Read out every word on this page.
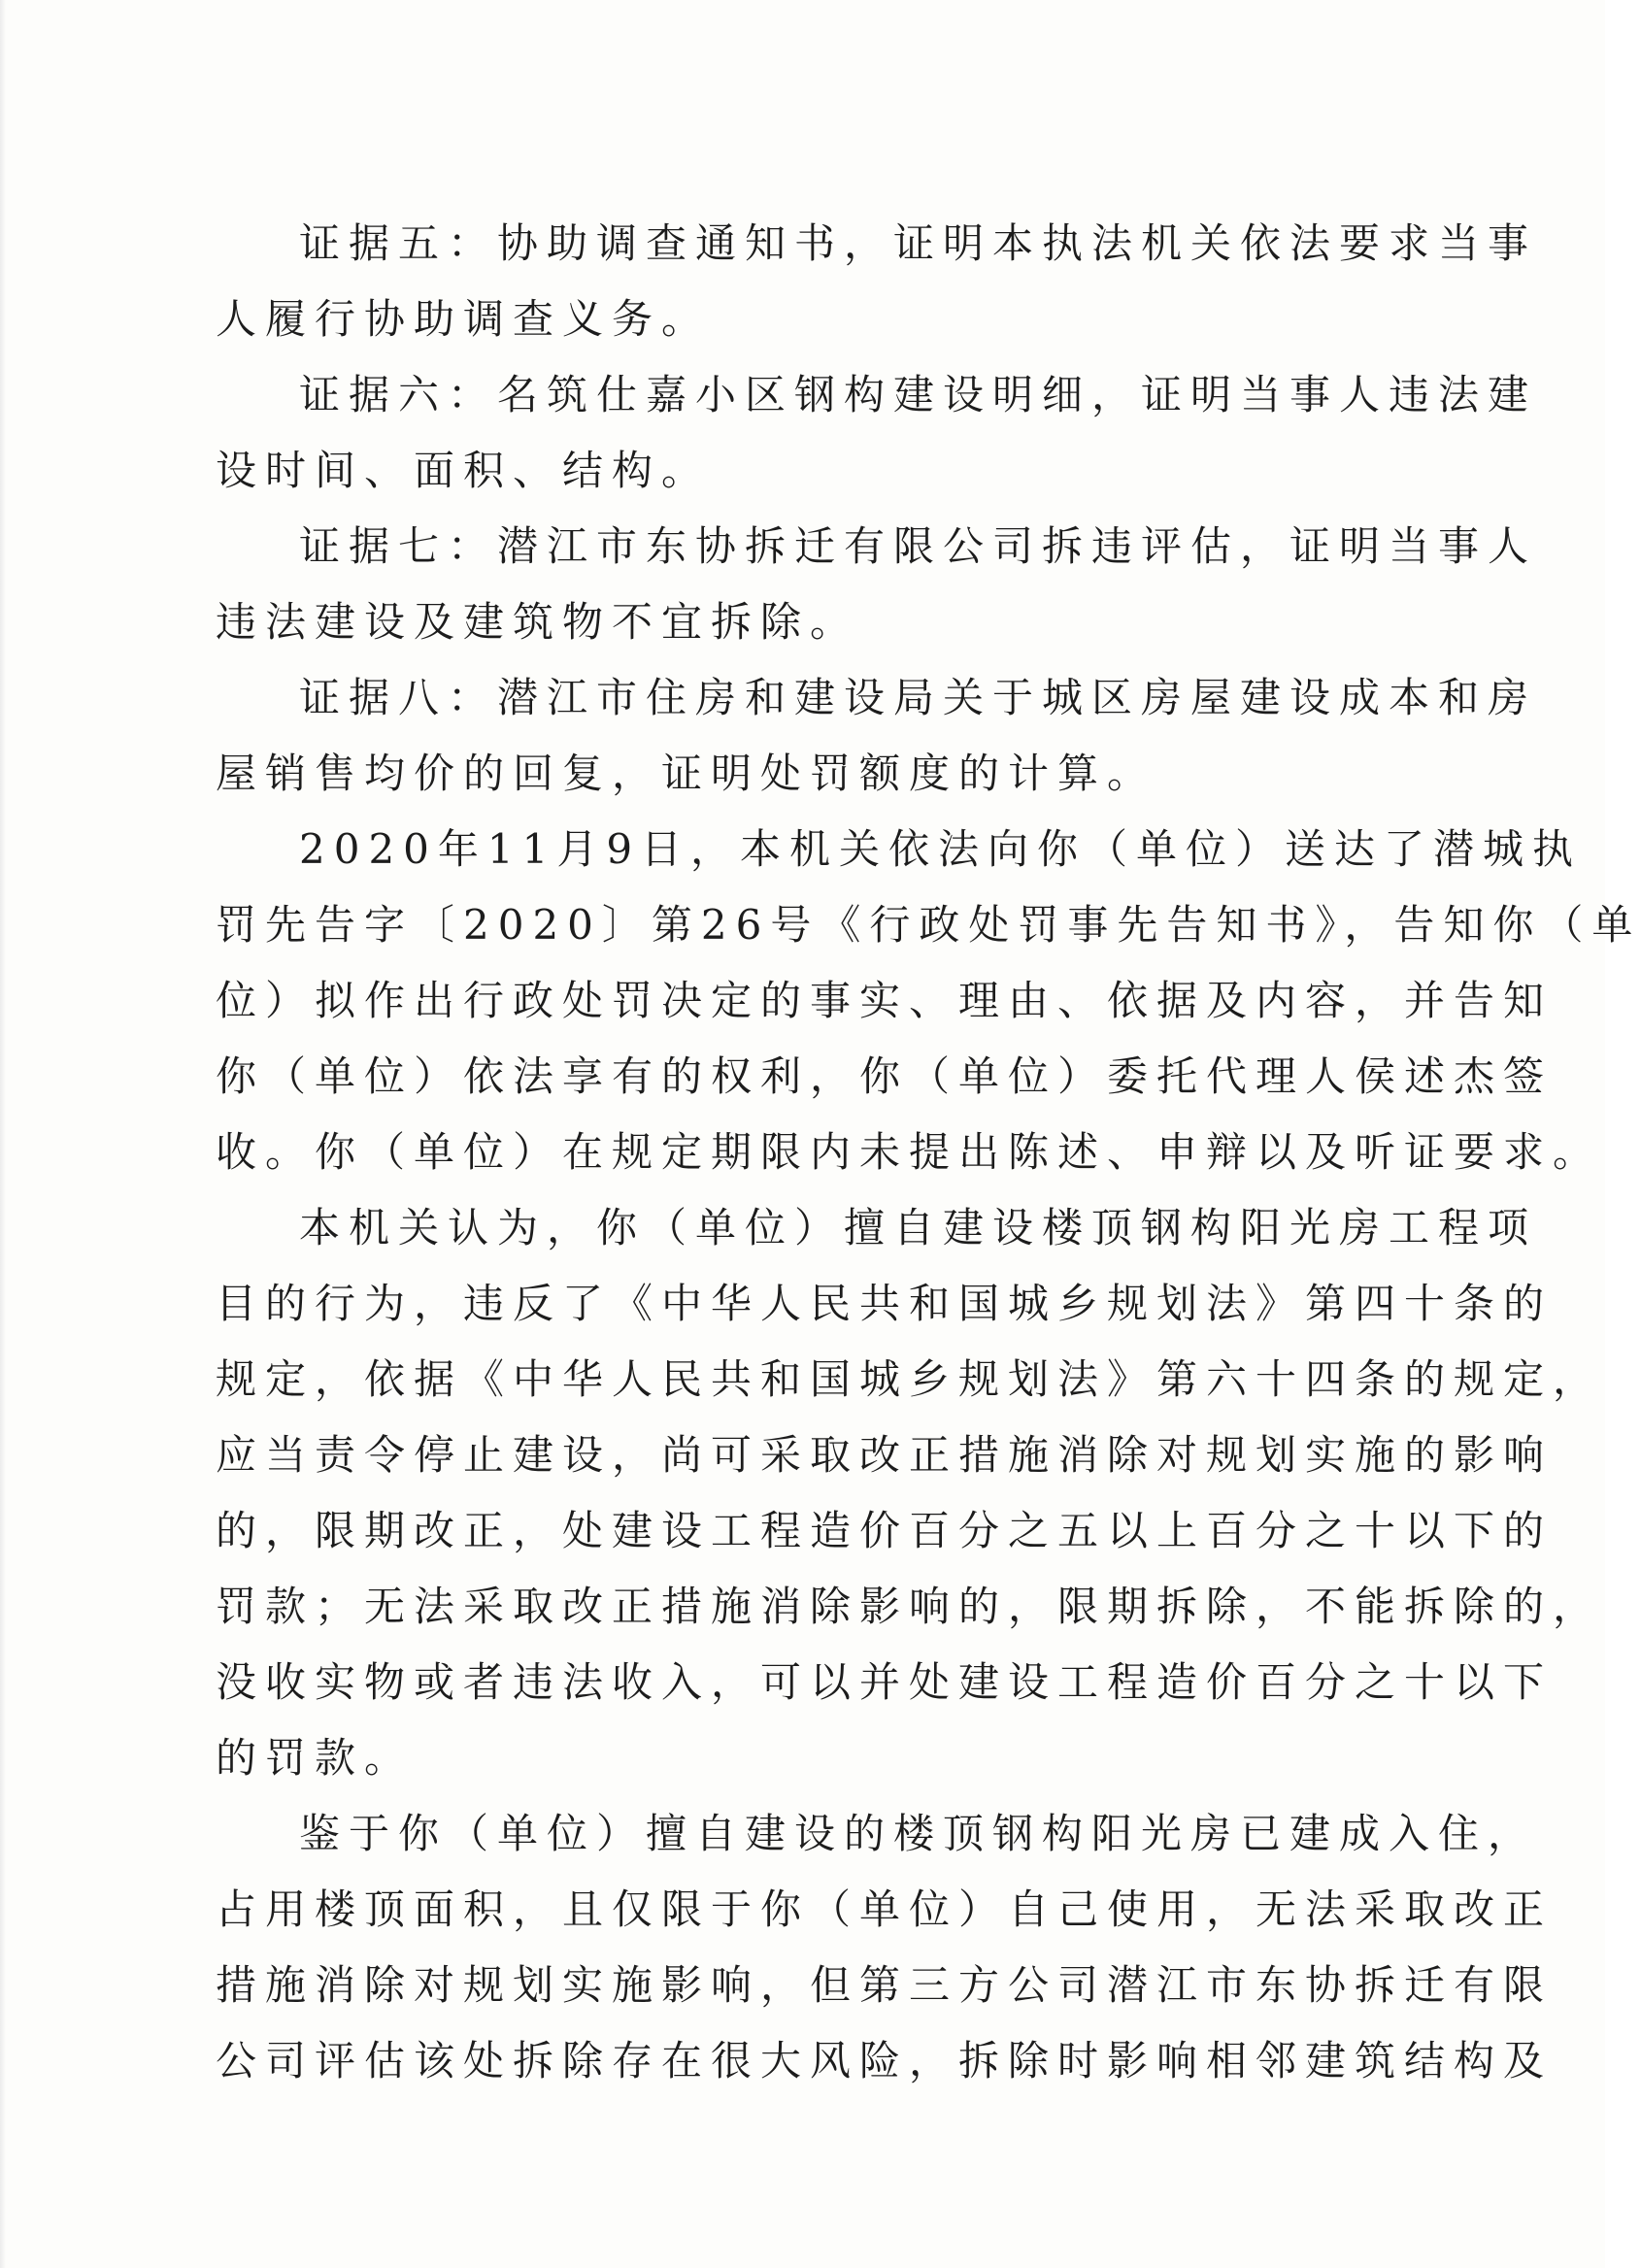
证据五：协助调查通知书，证明本执法机关依法要求当事
人履行协助调查义务。
证据六：名筑仕嘉小区钢构建设明细，证明当事人违法建
设时间、面积、结构。
证据七：潜江市东协拆迁有限公司拆违评估，证明当事人
违法建设及建筑物不宜拆除。
证据八：潜江市住房和建设局关于城区房屋建设成本和房
屋销售均价的回复，证明处罚额度的计算。
2020年11月9日，本机关依法向你（单位）送达了潜城执
罚先告字〔2020〕第26号《行政处罚事先告知书》，告知你（单
位）拟作出行政处罚决定的事实、理由、依据及内容，并告知
你（单位）依法享有的权利，你（单位）委托代理人侯述杰签
收。你（单位）在规定期限内未提出陈述、申辩以及听证要求。
本机关认为，你（单位）擅自建设楼顶钢构阳光房工程项
目的行为，违反了《中华人民共和国城乡规划法》第四十条的
规定，依据《中华人民共和国城乡规划法》第六十四条的规定，
应当责令停止建设，尚可采取改正措施消除对规划实施的影响
的，限期改正，处建设工程造价百分之五以上百分之十以下的
罚款；无法采取改正措施消除影响的，限期拆除，不能拆除的，
没收实物或者违法收入，可以并处建设工程造价百分之十以下
的罚款。
鉴于你（单位）擅自建设的楼顶钢构阳光房已建成入住，
占用楼顶面积，且仅限于你（单位）自己使用，无法采取改正
措施消除对规划实施影响，但第三方公司潜江市东协拆迁有限
公司评估该处拆除存在很大风险，拆除时影响相邻建筑结构及
